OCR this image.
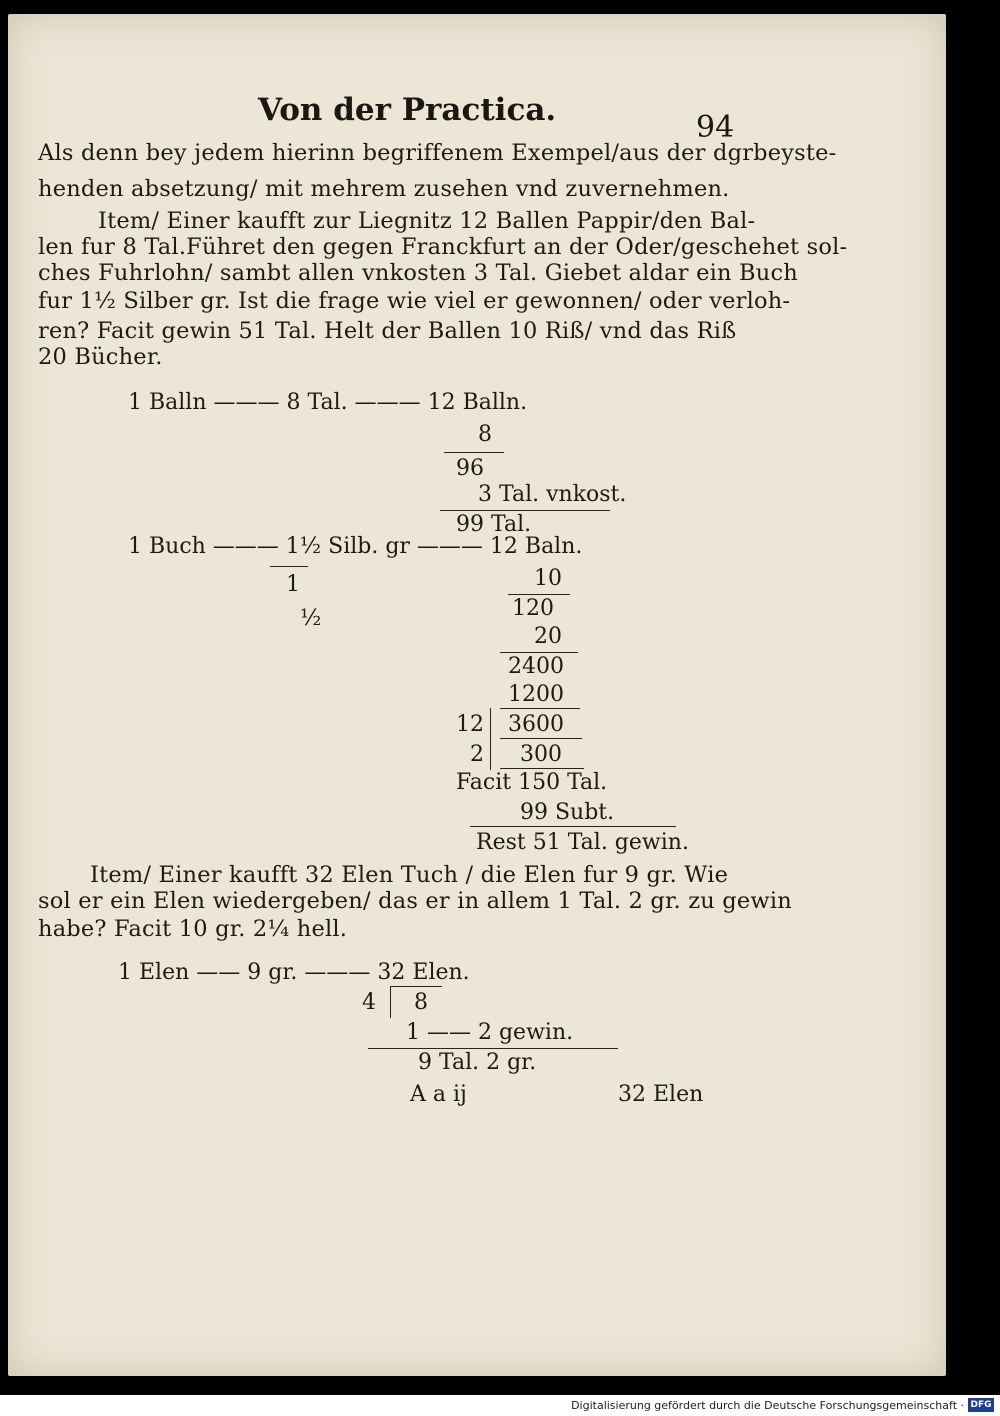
Von der Practica.	94
Als denn bey jedem hierinn begriffenem Exempel/aus der dgrbeyste-
henden absetzung/ mit mehrem zusehen vnd zuvernehmen.
Item/ Einer kaufft zur Liegnitz 12 Ballen Pappir/den Bal-
len fur 8 Tal.Führet den gegen Franckfurt an der Oder/geschehet sol-
ches Fuhrlohn/ sambt allen vnkosten 3 Tal. Giebet aldar ein Buch
fur 1½ Silber gr. Ist die frage wie viel er gewonnen/ oder verloh-
ren? Facit gewin 51 Tal. Helt der Ballen 10 Riß/ vnd das Riß
20 Bücher.
1 Balln ——— 8 Tal. ——— 12 Balln.
8
96
3 Tal. vnkost.
99 Tal.
1 Buch ——— 1½ Silb. gr ——— 12 Baln.
1
½
10
120
20
2400
1200
12 3600
2 300
Facit 150 Tal.
99 Subt.
Rest 51 Tal. gewin.
Item/ Einer kaufft 32 Elen Tuch / die Elen fur 9 gr. Wie
sol er ein Elen wiedergeben/ das er in allem 1 Tal. 2 gr. zu gewin
habe? Facit 10 gr. 2¼ hell.
1 Elen —— 9 gr. ——— 32 Elen.
4 8
1 —— 2 gewin.
9 Tal. 2 gr.
A a ij	32 Elen
Digitalisierung gefördert durch die Deutsche Forschungsgemeinschaft · DFG
